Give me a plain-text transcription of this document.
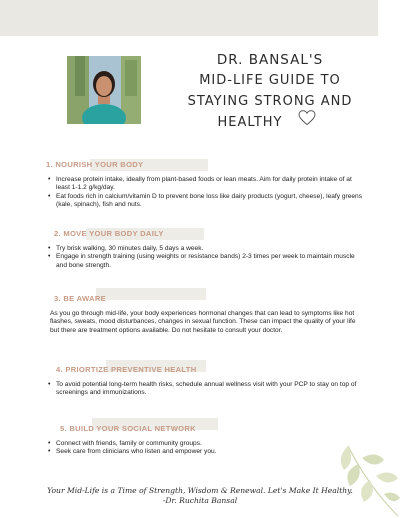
DR. BANSAL'S
MID-LIFE GUIDE TO
STAYING STRONG AND
HEALTHY
1. NOURISH YOUR BODY
• Increase protein intake, ideally from plant-based foods or lean meats. Aim for daily protein intake of at least 1-1.2 g/kg/day.
• Eat foods rich in calcium/vitamin D to prevent bone loss like dairy products (yogurt, cheese), leafy greens (kale, spinach), fish and nuts.
2. MOVE YOUR BODY DAILY
• Try brisk walking, 30 minutes daily, 5 days a week.
• Engage in strength training (using weights or resistance bands) 2-3 times per week to maintain muscle and bone strength.
3. BE AWARE

As you go through mid-life, your body experiences hormonal changes that can lead to symptoms like hot flashes, sweats, mood disturbances, changes in sexual function. These can impact the quality of your life but there are treatment options available. Do not hesitate to consult your doctor.

4. PRIORTIZE PREVENTIVE HEALTH
• To avoid potential long-term health risks, schedule annual wellness visit with your PCP to stay on top of screenings and immunizations.
5. BUILD YOUR SOCIAL NETWORK
• Connect with friends, family or community groups.
• Seek care from clinicians who listen and empower you.
Your Mid-Life is a Time of Strength, Wisdom & Renewal. Let's Make It Healthy.
-Dr. Ruchita Bansal
